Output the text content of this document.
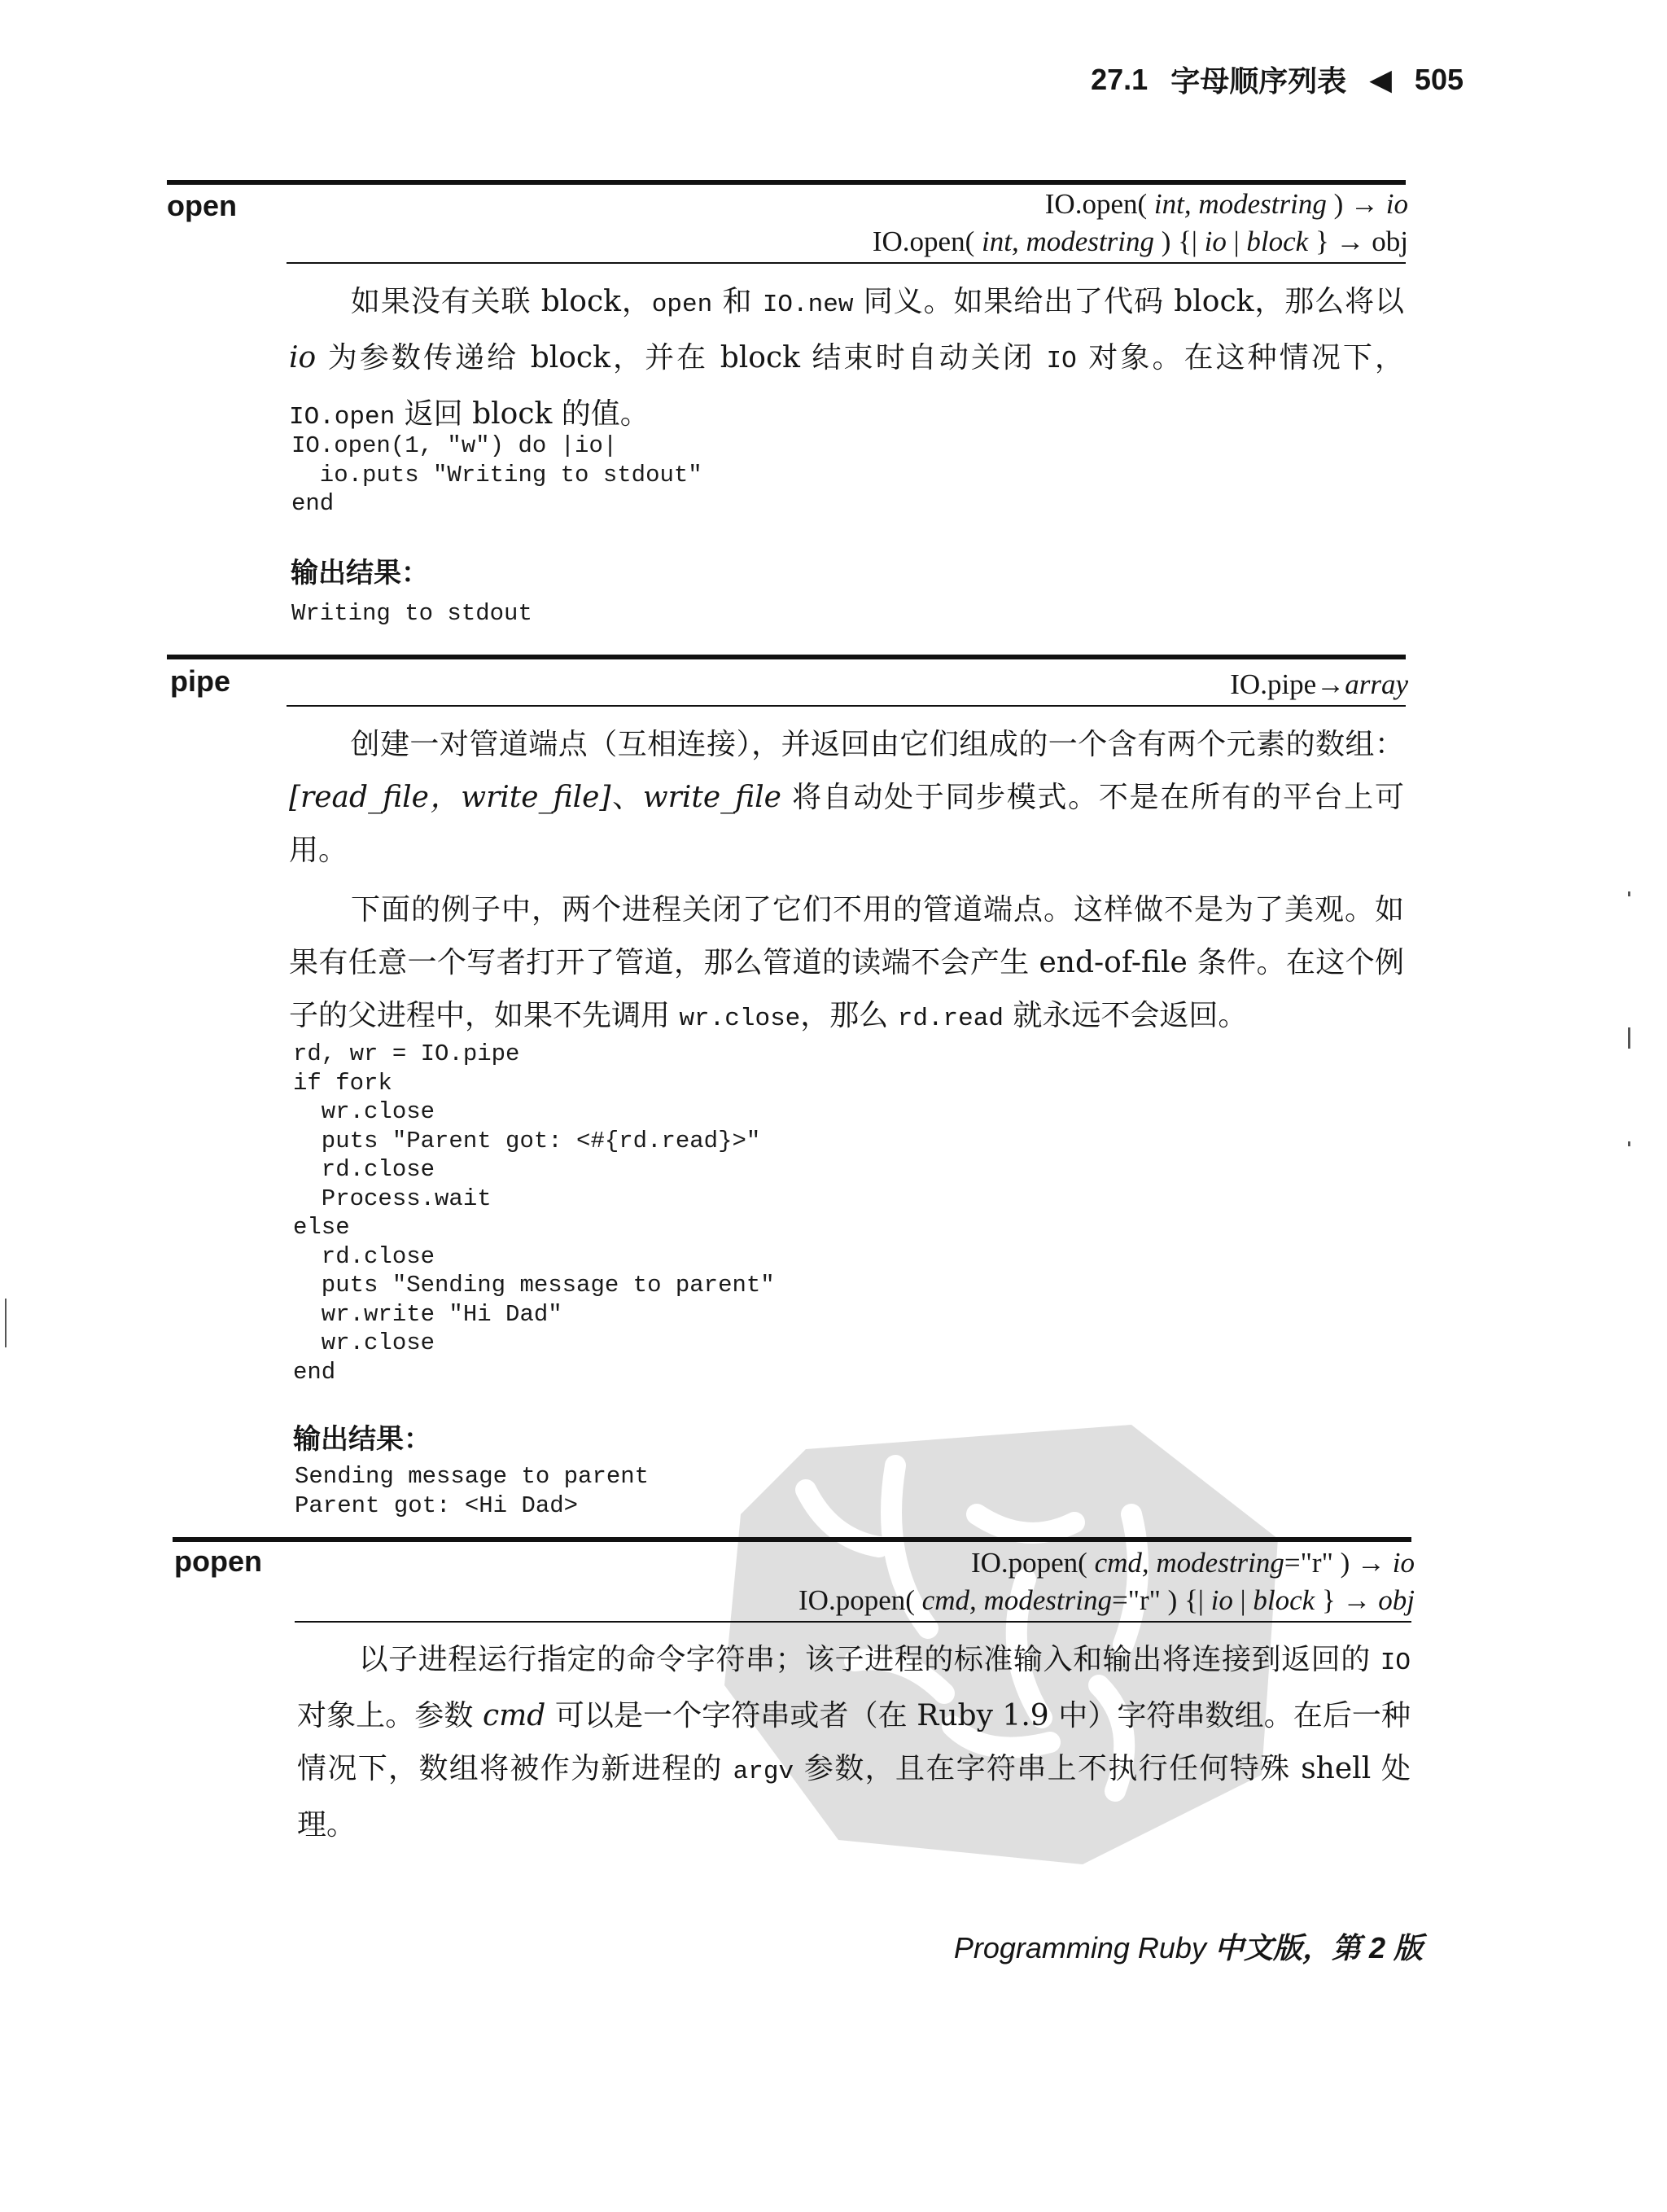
27.1 字母顺序列表 ◀ 505
open	IO.open( int, modestring ) → io
IO.open( int, modestring ) {| io | block } → obj
如果没有关联 block，open 和 IO.new 同义。如果给出了代码 block，那么将以 io 为参数传递给 block，并在 block 结束时自动关闭 IO 对象。在这种情况下，IO.open 返回 block 的值。
IO.open(1, "w") do |io|
io.puts "Writing to stdout"
end
输出结果：
Writing to stdout
pipe	IO.pipe→array
创建一对管道端点（互相连接），并返回由它们组成的一个含有两个元素的数组：[read_file，write_file]、write_file 将自动处于同步模式。不是在所有的平台上可用。
下面的例子中，两个进程关闭了它们不用的管道端点。这样做不是为了美观。如果有任意一个写者打开了管道，那么管道的读端不会产生 end-of-file 条件。在这个例子的父进程中，如果不先调用 wr.close，那么 rd.read 就永远不会返回。
rd, wr = IO.pipe
if fork
wr.close
puts "Parent got: <#{rd.read}>"
rd.close
Process.wait
else
rd.close
puts "Sending message to parent"
wr.write "Hi Dad"
wr.close
end
输出结果：
Sending message to parent
Parent got: <Hi Dad>
popen	IO.popen( cmd, modestring="r" ) → io
IO.popen( cmd, modestring="r" ) {| io | block } → obj
以子进程运行指定的命令字符串；该子进程的标准输入和输出将连接到返回的 IO 对象上。参数 cmd 可以是一个字符串或者（在 Ruby 1.9 中）字符串数组。在后一种情况下，数组将被作为新进程的 argv 参数，且在字符串上不执行任何特殊 shell 处理。
Programming Ruby 中文版，第 2 版
